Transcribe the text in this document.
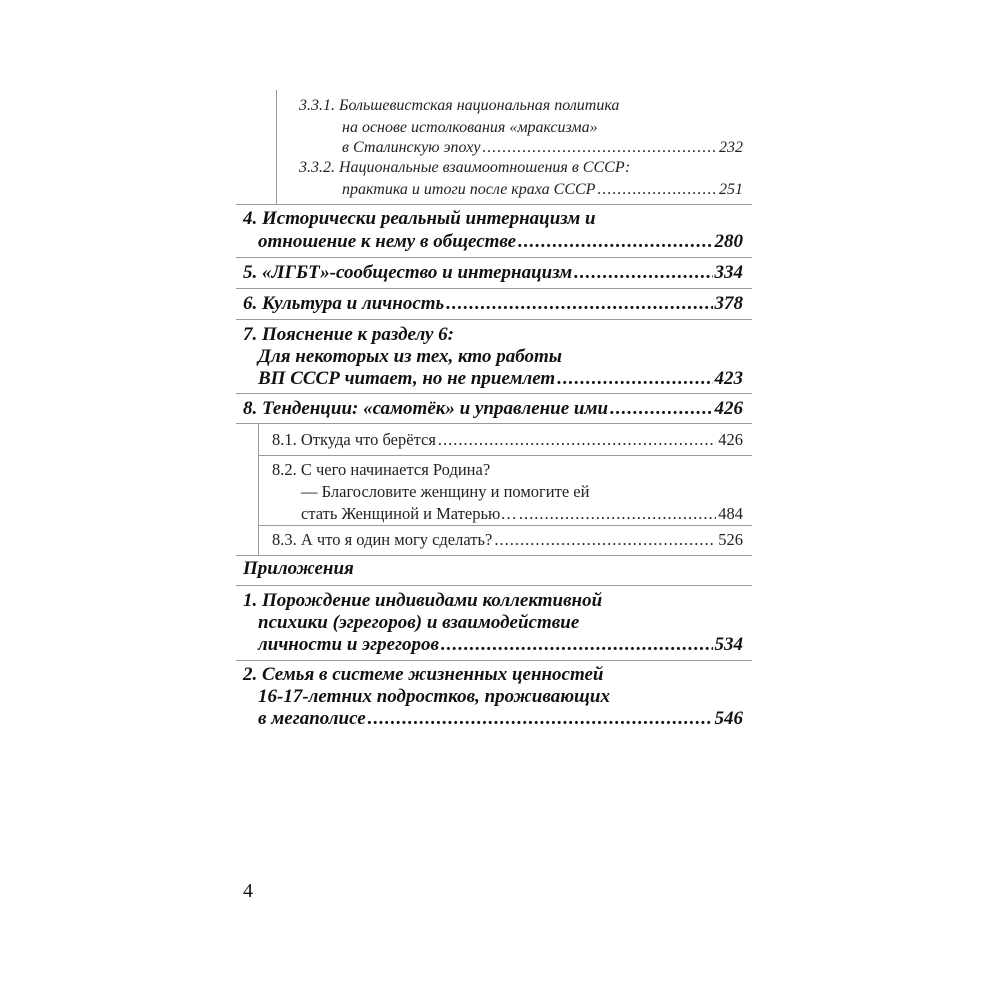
3.3.1. Большевистская национальная политика
на основе истолкования «мраксизма»
в Сталинскую эпоху .....	232
3.3.2. Национальные взаимоотношения в СССР:
практика и итоги после краха СССР .....	251
4. Исторически реальный интернацизм и
отношение к нему в обществе .....	280
5. «ЛГБТ»-сообщество и интернацизм .....	334
6. Культура и личность .....	378
7. Пояснение к разделу 6:
Для некоторых из тех, кто работы
ВП СССР читает, но не приемлет .....	423
8. Тенденции: «самотёк» и управление ими .....	426
8.1. Откуда что берётся .....	426
8.2. С чего начинается Родина?
— Благословите женщину и помогите ей
стать Женщиной и Матерью… .....	484
8.3. А что я один могу сделать? .....	526
Приложения
1. Порождение индивидами коллективной
психики (эгрегоров) и взаимодействие
личности и эгрегоров .....	534
2. Семья в системе жизненных ценностей
16-17-летних подростков, проживающих
в мегаполисе .....	546
4
